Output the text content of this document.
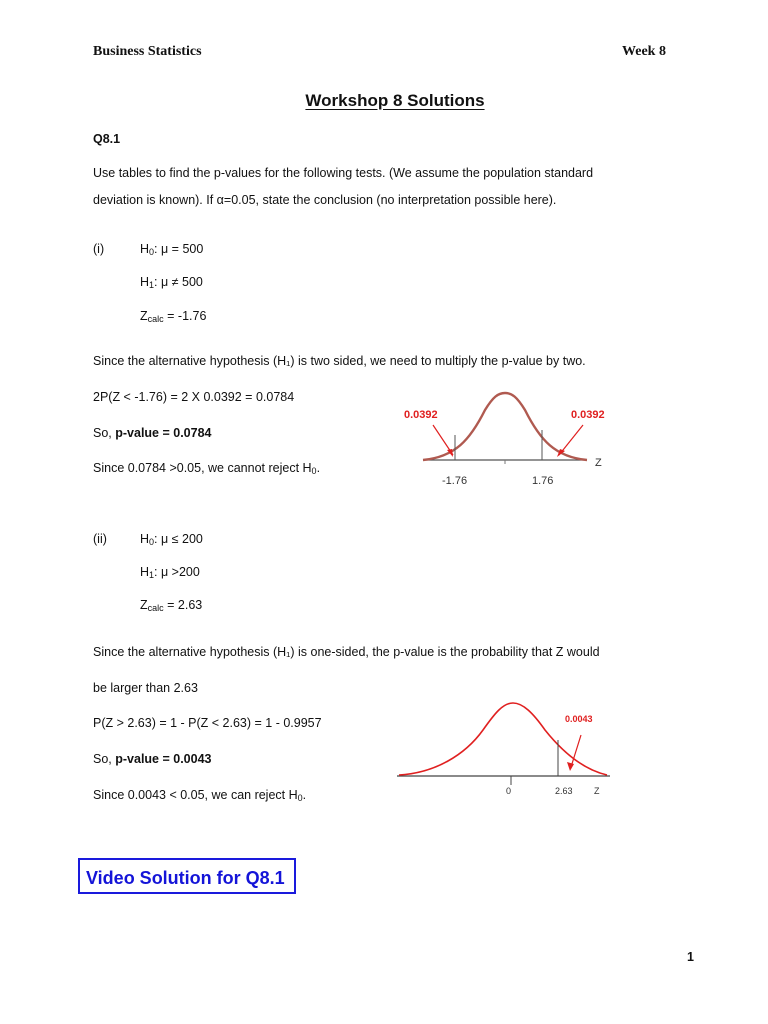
Business Statistics	Week 8
Workshop 8 Solutions
Q8.1
Use tables to find the p-values for the following tests. (We assume the population standard
deviation is known). If α=0.05, state the conclusion (no interpretation possible here).
(i)	$H_0$: μ = 500
$H_1$: μ ≠ 500
$Z_{calc} = -1.76$
Since the alternative hypothesis (H₁) is two sided, we need to multiply the p-value by two.
2P(Z < -1.76) = 2 X 0.0392 = 0.0784
So, p-value = 0.0784
Since 0.0784 >0.05, we cannot reject $H_0$.
0.0392	0.0392
-1.76	1.76
Z
(ii)	$H_0$: μ ≤ 200
$H_1$: μ >200
$Z_{calc} = 2.63$
Since the alternative hypothesis (H₁) is one-sided, the p-value is the probability that Z would
be larger than 2.63
P(Z > 2.63) = 1 - P(Z < 2.63) = 1 - 0.9957
So, p-value = 0.0043
Since 0.0043 < 0.05, we can reject $H_0$.
0.0043
0	2.63 Z
Video Solution for Q8.1
1
